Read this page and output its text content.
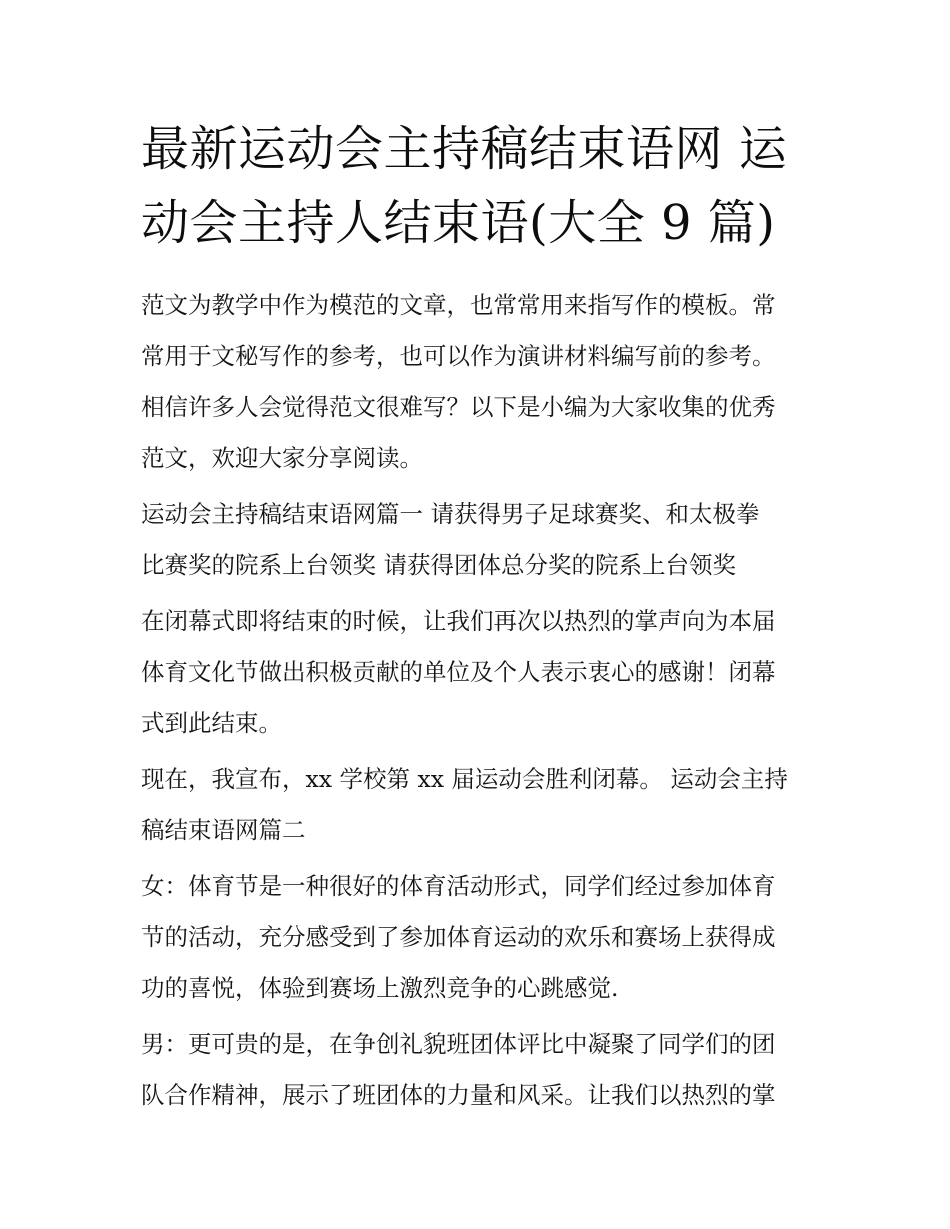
最新运动会主持稿结束语网 运
动会主持人结束语(大全 9 篇)

范文为教学中作为模范的文章，也常常用来指写作的模板。常
常用于文秘写作的参考，也可以作为演讲材料编写前的参考。
相信许多人会觉得范文很难写？以下是小编为大家收集的优秀
范文，欢迎大家分享阅读。

运动会主持稿结束语网篇一 请获得男子足球赛奖、和太极拳
比赛奖的院系上台领奖 请获得团体总分奖的院系上台领奖

在闭幕式即将结束的时候，让我们再次以热烈的掌声向为本届
体育文化节做出积极贡献的单位及个人表示衷心的感谢！闭幕
式到此结束。

现在，我宣布，xx 学校第 xx 届运动会胜利闭幕。 运动会主持
稿结束语网篇二

女：体育节是一种很好的体育活动形式，同学们经过参加体育
节的活动，充分感受到了参加体育运动的欢乐和赛场上获得成
功的喜悦，体验到赛场上激烈竞争的心跳感觉.

男：更可贵的是，在争创礼貌班团体评比中凝聚了同学们的团
队合作精神，展示了班团体的力量和风采。让我们以热烈的掌
